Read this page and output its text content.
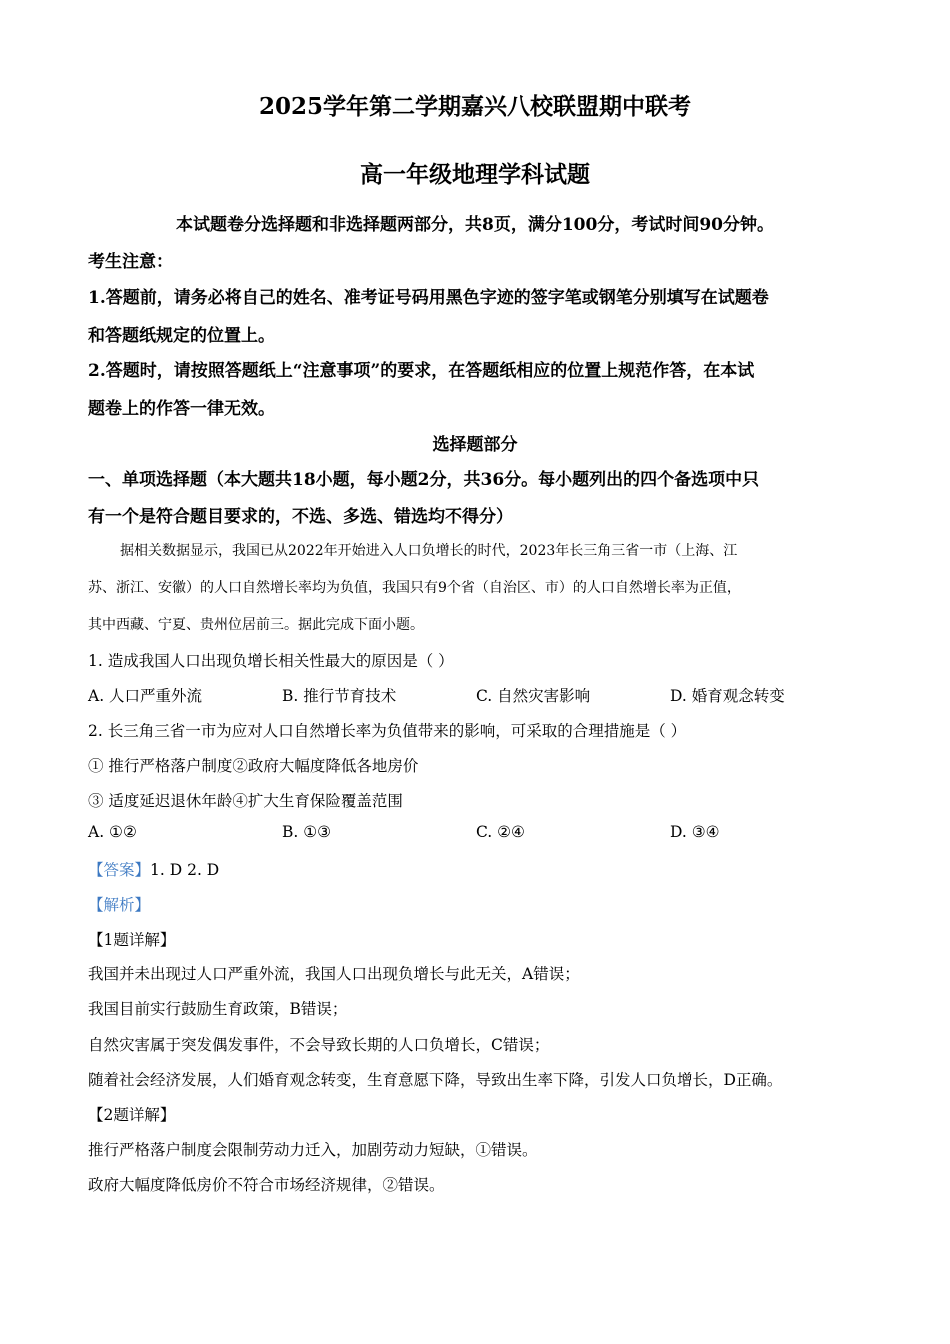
2025学年第二学期嘉兴八校联盟期中联考
高一年级地理学科试题
本试题卷分选择题和非选择题两部分，共8页，满分100分，考试时间90分钟。
考生注意：
1.答题前，请务必将自己的姓名、准考证号码用黑色字迹的签字笔或钢笔分别填写在试题卷
和答题纸规定的位置上。
2.答题时，请按照答题纸上“注意事项”的要求，在答题纸相应的位置上规范作答，在本试
题卷上的作答一律无效。
选择题部分
一、单项选择题（本大题共18小题，每小题2分，共36分。每小题列出的四个备选项中只
有一个是符合题目要求的，不选、多选、错选均不得分）
据相关数据显示，我国已从2022年开始进入人口负增长的时代，2023年长三角三省一市（上海、江
苏、浙江、安徽）的人口自然增长率均为负值，我国只有9个省（自治区、市）的人口自然增长率为正值，
其中西藏、宁夏、贵州位居前三。据此完成下面小题。
1. 造成我国人口出现负增长相关性最大的原因是（ ）
A. 人口严重外流	B. 推行节育技术	C. 自然灾害影响	D. 婚育观念转变
2. 长三角三省一市为应对人口自然增长率为负值带来的影响，可采取的合理措施是（ ）
① 推行严格落户制度②政府大幅度降低各地房价
③ 适度延迟退休年龄④扩大生育保险覆盖范围
A. ①②	B. ①③	C. ②④	D. ③④
【答案】1. D 2. D
【解析】
【1题详解】
我国并未出现过人口严重外流，我国人口出现负增长与此无关，A错误；
我国目前实行鼓励生育政策，B错误；
自然灾害属于突发偶发事件，不会导致长期的人口负增长，C错误；
随着社会经济发展，人们婚育观念转变，生育意愿下降，导致出生率下降，引发人口负增长，D正确。
【2题详解】
推行严格落户制度会限制劳动力迁入，加剧劳动力短缺，①错误。
政府大幅度降低房价不符合市场经济规律，②错误。
